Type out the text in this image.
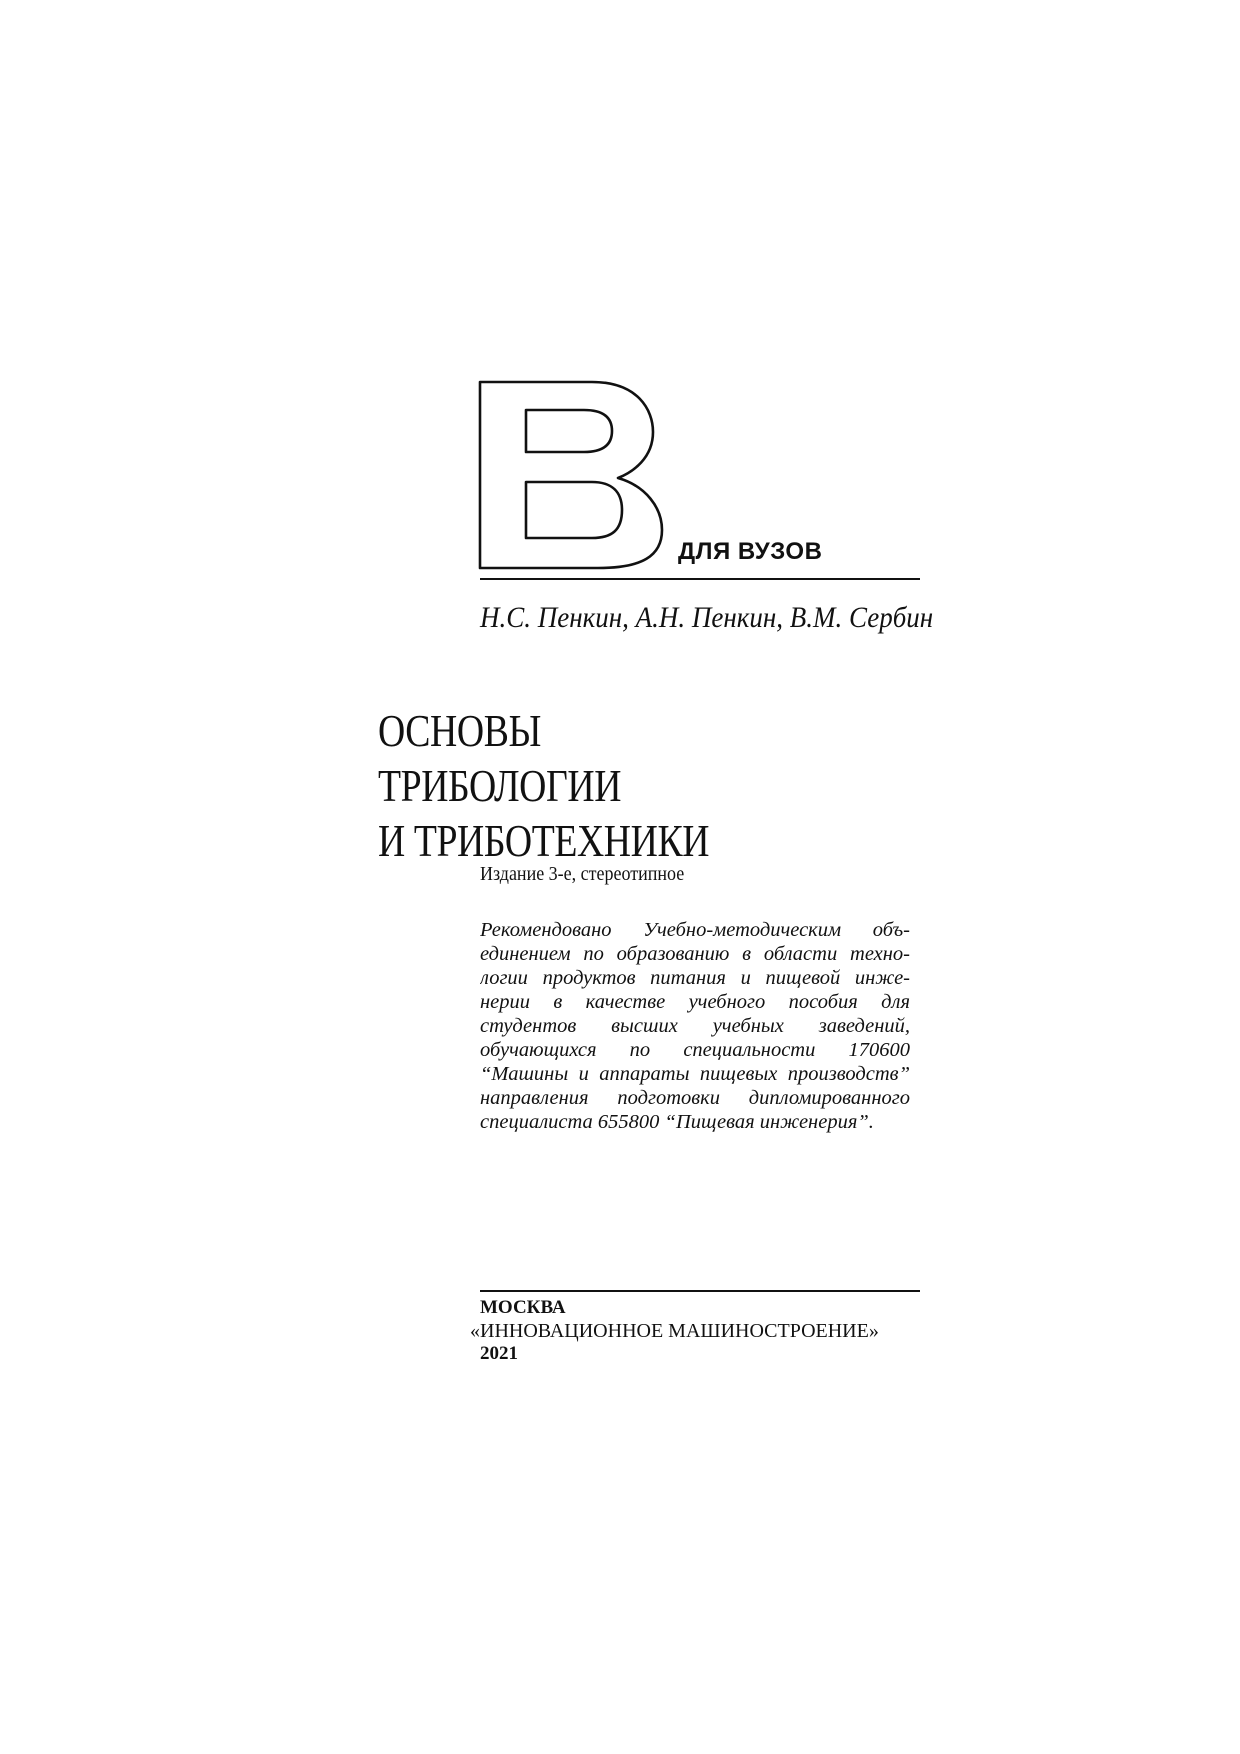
ДЛЯ ВУЗОВ
Н.С. Пенкин, А.Н. Пенкин, В.М. Сербин
ОСНОВЫ
ТРИБОЛОГИИ
И ТРИБОТЕХНИКИ
Издание 3-е, стереотипное
Рекомендовано Учебно-методическим объ-
единением по образованию в области техно-
логии продуктов питания и пищевой инже-
нерии в качестве учебного пособия для
студентов высших учебных заведений,
обучающихся по специальности 170600
“Машины и аппараты пищевых производств”
направления подготовки дипломированного
специалиста 655800 “Пищевая инженерия”.
МОСКВА
«ИННОВАЦИОННОЕ МАШИНОСТРОЕНИЕ»
2021
